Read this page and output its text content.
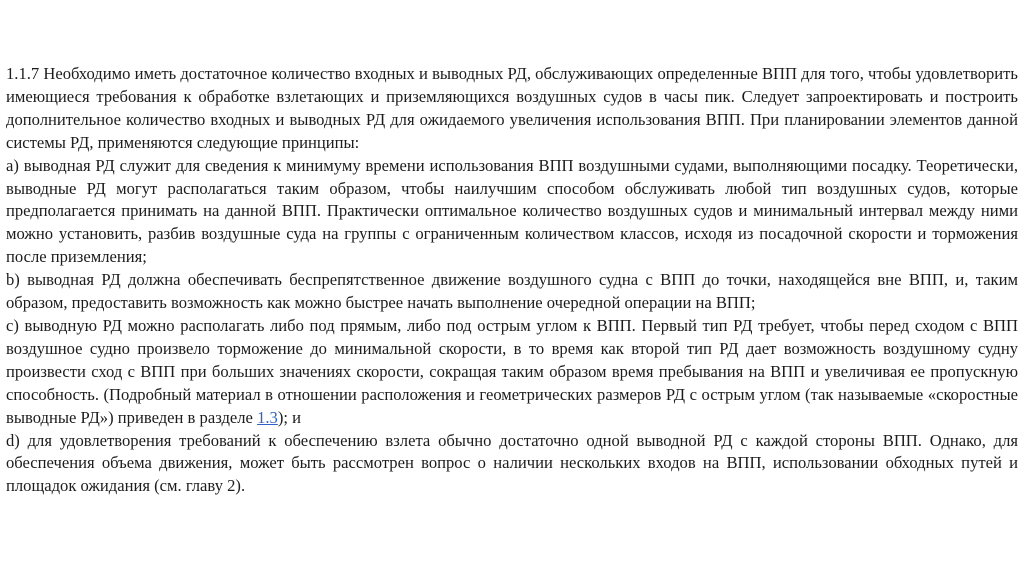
1.1.7 Необходимо иметь достаточное количество входных и выводных РД, обслуживающих определенные ВПП для того, чтобы удовлетворить имеющиеся требования к обработке взлетающих и приземляющихся воздушных судов в часы пик. Следует запроектировать и построить дополнительное количество входных и выводных РД для ожидаемого увеличения использования ВПП. При планировании элементов данной системы РД, применяются следующие принципы:

а) выводная РД служит для сведения к минимуму времени использования ВПП воздушными судами, выполняющими посадку. Теоретически, выводные РД могут располагаться таким образом, чтобы наилучшим способом обслуживать любой тип воздушных судов, которые предполагается принимать на данной ВПП. Практически оптимальное количество воздушных судов и минимальный интервал между ними можно установить, разбив воздушные суда на группы с ограниченным количеством классов, исходя из посадочной скорости и торможения после приземления;

b) выводная РД должна обеспечивать беспрепятственное движение воздушного судна с ВПП до точки, находящейся вне ВПП, и, таким образом, предоставить возможность как можно быстрее начать выполнение очередной операции на ВПП;

с) выводную РД можно располагать либо под прямым, либо под острым углом к ВПП. Первый тип РД требует, чтобы перед сходом с ВПП воздушное судно произвело торможение до минимальной скорости, в то время как второй тип РД дает возможность воздушному судну произвести сход с ВПП при больших значениях скорости, сокращая таким образом время пребывания на ВПП и увеличивая ее пропускную способность. (Подробный материал в отношении расположения и геометрических размеров РД с острым углом (так называемые «скоростные выводные РД») приведен в разделе 1.3); и

d) для удовлетворения требований к обеспечению взлета обычно достаточно одной выводной РД с каждой стороны ВПП. Однако, для обеспечения объема движения, может быть рассмотрен вопрос о наличии нескольких входов на ВПП, использовании обходных путей и площадок ожидания (см. главу 2).
